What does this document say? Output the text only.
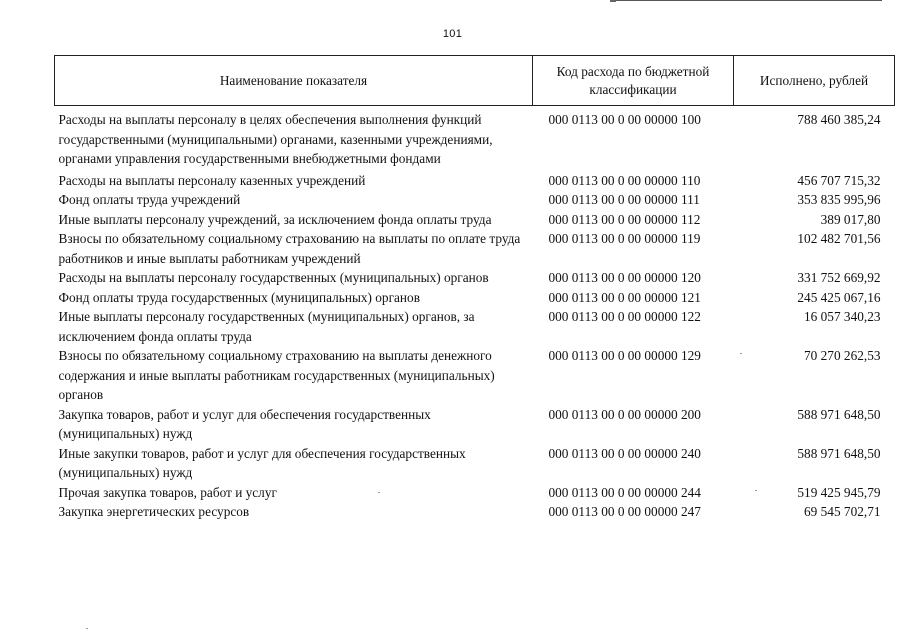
101
Наименование показателя	Код расхода по бюджетной классификации	Исполнено, рублей
Расходы на выплаты персоналу в целях обеспечения выполнения функций государственными (муниципальными) органами, казенными учреждениями, органами управления государственными внебюджетными фондами	000 0113 00 0 00 00000 100	788 460 385,24

Расходы на выплаты персоналу казенных учреждений	000 0113 00 0 00 00000 110	456 707 715,32
Фонд оплаты труда учреждений	000 0113 00 0 00 00000 111	353 835 995,96
Иные выплаты персоналу учреждений, за исключением фонда оплаты труда	000 0113 00 0 00 00000 112	389 017,80
Взносы по обязательному социальному страхованию на выплаты по оплате труда работников и иные выплаты работникам учреждений	000 0113 00 0 00 00000 119	102 482 701,56
Расходы на выплаты персоналу государственных (муниципальных) органов	000 0113 00 0 00 00000 120	331 752 669,92
Фонд оплаты труда государственных (муниципальных) органов	000 0113 00 0 00 00000 121	245 425 067,16
Иные выплаты персоналу государственных (муниципальных) органов, за исключением фонда оплаты труда	000 0113 00 0 00 00000 122	16 057 340,23
Взносы по обязательному социальному страхованию на выплаты денежного содержания и иные выплаты работникам государственных (муниципальных) органов	000 0113 00 0 00 00000 129	70 270 262,53
Закупка товаров, работ и услуг для обеспечения государственных (муниципальных) нужд	000 0113 00 0 00 00000 200	588 971 648,50
Иные закупки товаров, работ и услуг для обеспечения государственных (муниципальных) нужд	000 0113 00 0 00 00000 240	588 971 648,50
Прочая закупка товаров, работ и услуг	000 0113 00 0 00 00000 244	519 425 945,79
Закупка энергетических ресурсов	000 0113 00 0 00 00000 247	69 545 702,71
